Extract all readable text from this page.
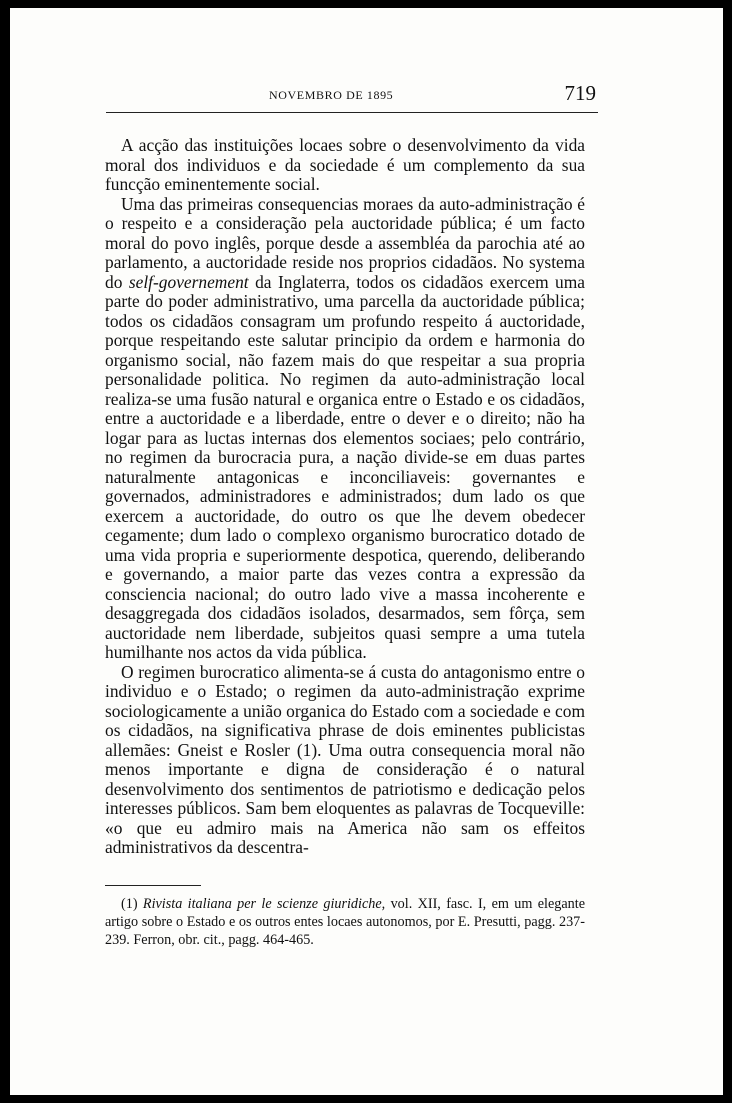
NOVEMBRO DE 1895	719

A acção das instituições locaes sobre o desenvolvimento da vida moral dos individuos e da sociedade é um complemento da sua funcção eminentemente social.

Uma das primeiras consequencias moraes da auto-administração é o respeito e a consideração pela auctoridade pública; é um facto moral do povo inglês, porque desde a assembléa da parochia até ao parlamento, a auctoridade reside nos proprios cidadãos. No systema do self-governement da Inglaterra, todos os cidadãos exercem uma parte do poder administrativo, uma parcella da auctoridade pública; todos os cidadãos consagram um profundo respeito á auctoridade, porque respeitando este salutar principio da ordem e harmonia do organismo social, não fazem mais do que respeitar a sua propria personalidade politica. No regimen da auto-administração local realiza-se uma fusão natural e organica entre o Estado e os cidadãos, entre a auctoridade e a liberdade, entre o dever e o direito; não ha logar para as luctas internas dos elementos sociaes; pelo contrário, no regimen da burocracia pura, a nação divide-se em duas partes naturalmente antagonicas e inconciliaveis: governantes e governados, administradores e administrados; dum lado os que exercem a auctoridade, do outro os que lhe devem obedecer cegamente; dum lado o complexo organismo burocratico dotado de uma vida propria e superiormente despotica, querendo, deliberando e governando, a maior parte das vezes contra a expressão da consciencia nacional; do outro lado vive a massa incoherente e desaggregada dos cidadãos isolados, desarmados, sem fôrça, sem auctoridade nem liberdade, subjeitos quasi sempre a uma tutela humilhante nos actos da vida pública.

O regimen burocratico alimenta-se á custa do antagonismo entre o individuo e o Estado; o regimen da auto-administração exprime sociologicamente a união organica do Estado com a sociedade e com os cidadãos, na significativa phrase de dois eminentes publicistas allemães: Gneist e Rosler (1). Uma outra consequencia moral não menos importante e digna de consideração é o natural desenvolvimento dos sentimentos de patriotismo e dedicação pelos interesses públicos. Sam bem eloquentes as palavras de Tocqueville: «o que eu admiro mais na America não sam os effeitos administrativos da descentra-

(1) Rivista italiana per le scienze giuridiche, vol. XII, fasc. I, em um elegante artigo sobre o Estado e os outros entes locaes autonomos, por E. Presutti, pagg. 237-239. Ferron, obr. cit., pagg. 464-465.
